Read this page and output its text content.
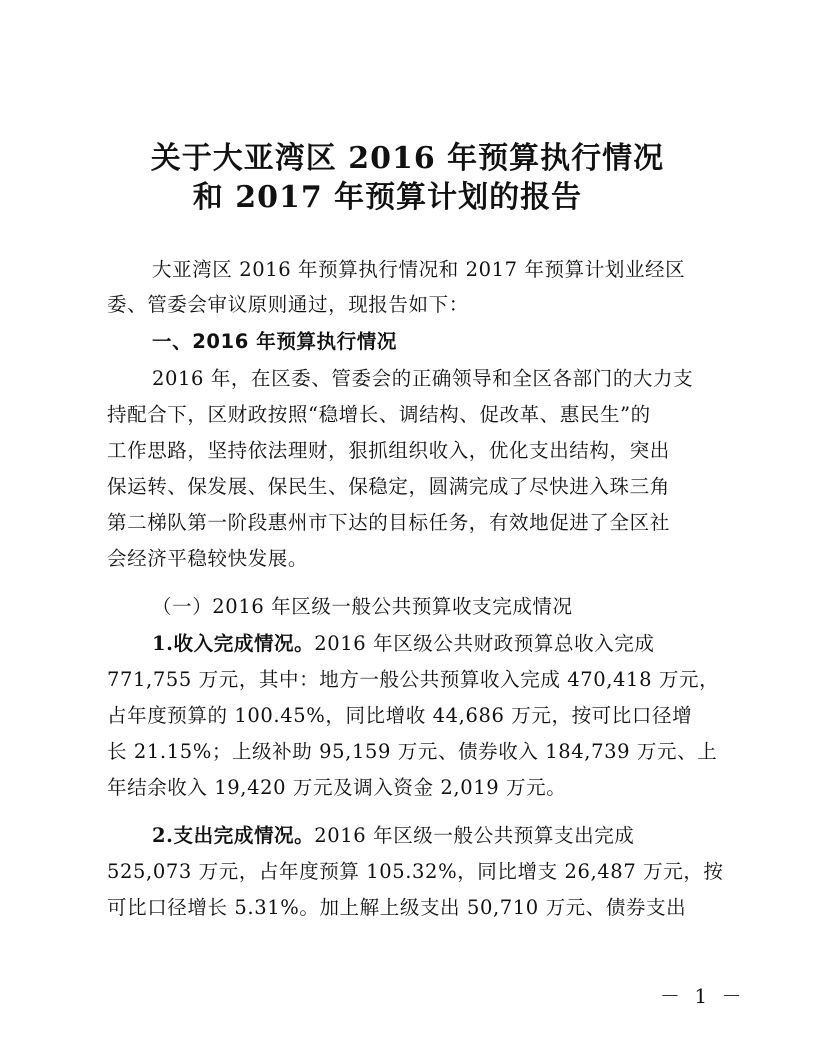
关于大亚湾区 2016 年预算执行情况
和 2017 年预算计划的报告
大亚湾区 2016 年预算执行情况和 2017 年预算计划业经区
委、管委会审议原则通过，现报告如下：
一、2016 年预算执行情况
2016 年，在区委、管委会的正确领导和全区各部门的大力支
持配合下，区财政按照“稳增长、调结构、促改革、惠民生”的
工作思路，坚持依法理财，狠抓组织收入，优化支出结构，突出
保运转、保发展、保民生、保稳定，圆满完成了尽快进入珠三角
第二梯队第一阶段惠州市下达的目标任务，有效地促进了全区社
会经济平稳较快发展。
（一）2016 年区级一般公共预算收支完成情况
1.收入完成情况。2016 年区级公共财政预算总收入完成
771,755 万元，其中：地方一般公共预算收入完成 470,418 万元，
占年度预算的 100.45%，同比增收 44,686 万元，按可比口径增
长 21.15%；上级补助 95,159 万元、债券收入 184,739 万元、上
年结余收入 19,420 万元及调入资金 2,019 万元。
2.支出完成情况。2016 年区级一般公共预算支出完成
525,073 万元，占年度预算 105.32%，同比增支 26,487 万元，按
可比口径增长 5.31%。加上解上级支出 50,710 万元、债券支出
－ 1 －
